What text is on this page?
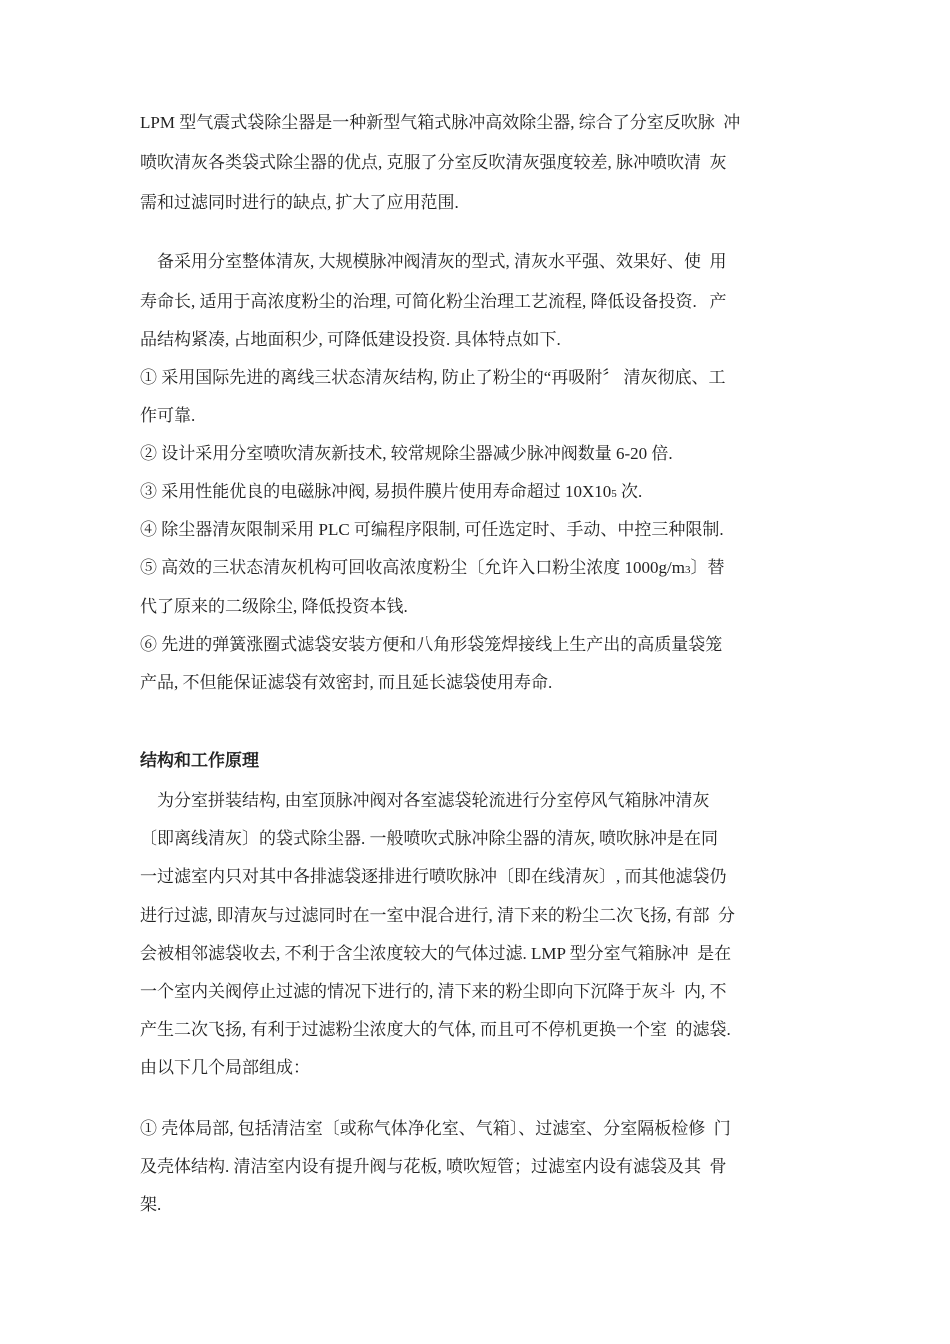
LPM 型气震式袋除尘器是一种新型气箱式脉冲高效除尘器, 综合了分室反吹脉  冲
喷吹清灰各类袋式除尘器的优点, 克服了分室反吹清灰强度较差, 脉冲喷吹清  灰
需和过滤同时进行的缺点, 扩大了应用范围.
备采用分室整体清灰, 大规模脉冲阀清灰的型式, 清灰水平强、效果好、使  用
寿命长, 适用于高浓度粉尘的治理, 可简化粉尘治理工艺流程, 降低设备投资.   产
品结构紧凑, 占地面积少, 可降低建设投资. 具体特点如下.
① 采用国际先进的离线三状态清灰结构, 防止了粉尘的“再吸附〞 清灰彻底、工
作可靠.
② 设计采用分室喷吹清灰新技术, 较常规除尘器减少脉冲阀数量 6-20 倍.
③ 采用性能优良的电磁脉冲阀, 易损件膜片使用寿命超过 10X105 次.
④ 除尘器清灰限制采用 PLC 可编程序限制, 可任选定时、手动、中控三种限制.
⑤ 高效的三状态清灰机构可回收高浓度粉尘〔允许入口粉尘浓度 1000g/m3〕替
代了原来的二级除尘, 降低投资本钱.
⑥ 先进的弹簧涨圈式滤袋安装方便和八角形袋笼焊接线上生产出的高质量袋笼
产品, 不但能保证滤袋有效密封, 而且延长滤袋使用寿命.
结构和工作原理
为分室拼装结构, 由室顶脉冲阀对各室滤袋轮流进行分室停风气箱脉冲清灰
〔即离线清灰〕的袋式除尘器. 一般喷吹式脉冲除尘器的清灰, 喷吹脉冲是在同
一过滤室内只对其中各排滤袋逐排进行喷吹脉冲〔即在线清灰〕, 而其他滤袋仍
进行过滤, 即清灰与过滤同时在一室中混合进行, 清下来的粉尘二次飞扬, 有部  分
会被相邻滤袋收去, 不利于含尘浓度较大的气体过滤. LMP 型分室气箱脉冲  是在
一个室内关阀停止过滤的情况下进行的, 清下来的粉尘即向下沉降于灰斗  内, 不
产生二次飞扬, 有利于过滤粉尘浓度大的气体, 而且可不停机更换一个室  的滤袋.
由以下几个局部组成：
① 壳体局部, 包括清洁室〔或称气体净化室、气箱〕、过滤室、分室隔板检修  门
及壳体结构. 清洁室内设有提升阀与花板, 喷吹短管；过滤室内设有滤袋及其  骨
架.
